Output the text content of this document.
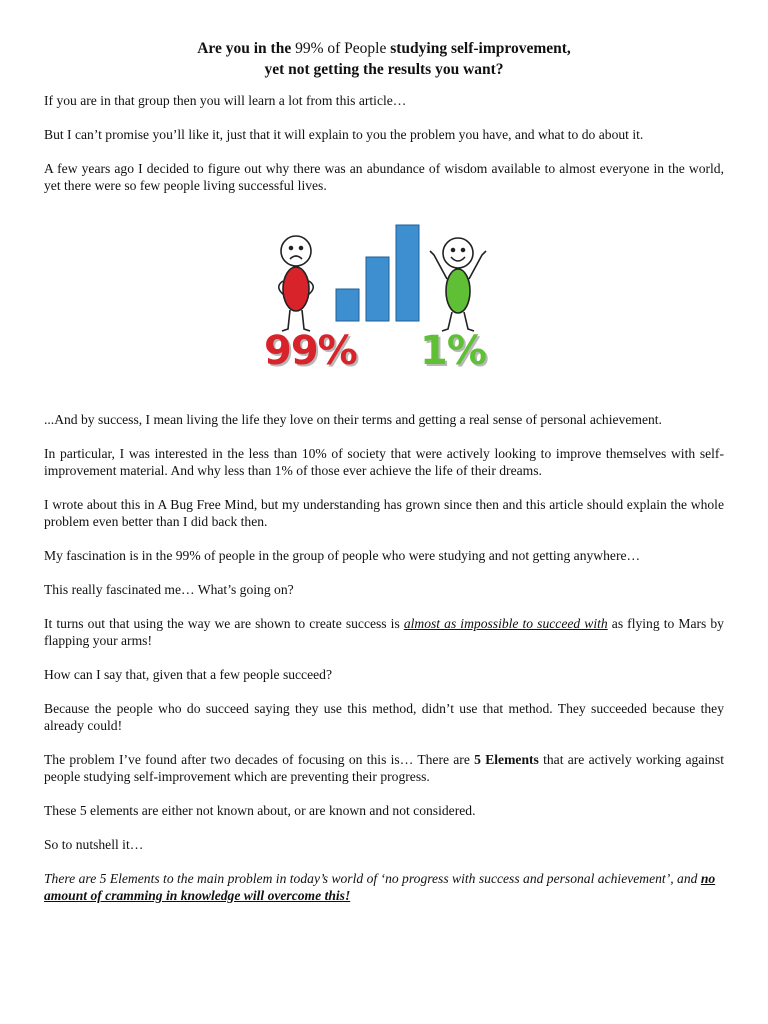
Are you in the 99% of People studying self-improvement,
yet not getting the results you want?

If you are in that group then you will learn a lot from this article…

But I can’t promise you’ll like it, just that it will explain to you the problem you have, and what to do about it.

A few years ago I decided to figure out why there was an abundance of wisdom available to almost everyone in the world, yet there were so few people living successful lives.

99% 1%

...And by success, I mean living the life they love on their terms and getting a real sense of personal achievement.

In particular, I was interested in the less than 10% of society that were actively looking to improve themselves with self-improvement material. And why less than 1% of those ever achieve the life of their dreams.

I wrote about this in A Bug Free Mind, but my understanding has grown since then and this article should explain the whole problem even better than I did back then.

My fascination is in the 99% of people in the group of people who were studying and not getting anywhere…

This really fascinated me… What’s going on?

It turns out that using the way we are shown to create success is almost as impossible to succeed with as flying to Mars by flapping your arms!

How can I say that, given that a few people succeed?

Because the people who do succeed saying they use this method, didn’t use that method. They succeeded because they already could!

The problem I’ve found after two decades of focusing on this is… There are 5 Elements that are actively working against people studying self-improvement which are preventing their progress.

These 5 elements are either not known about, or are known and not considered.

So to nutshell it…

There are 5 Elements to the main problem in today’s world of ‘no progress with success and personal achievement’, and no amount of cramming in knowledge will overcome this!
